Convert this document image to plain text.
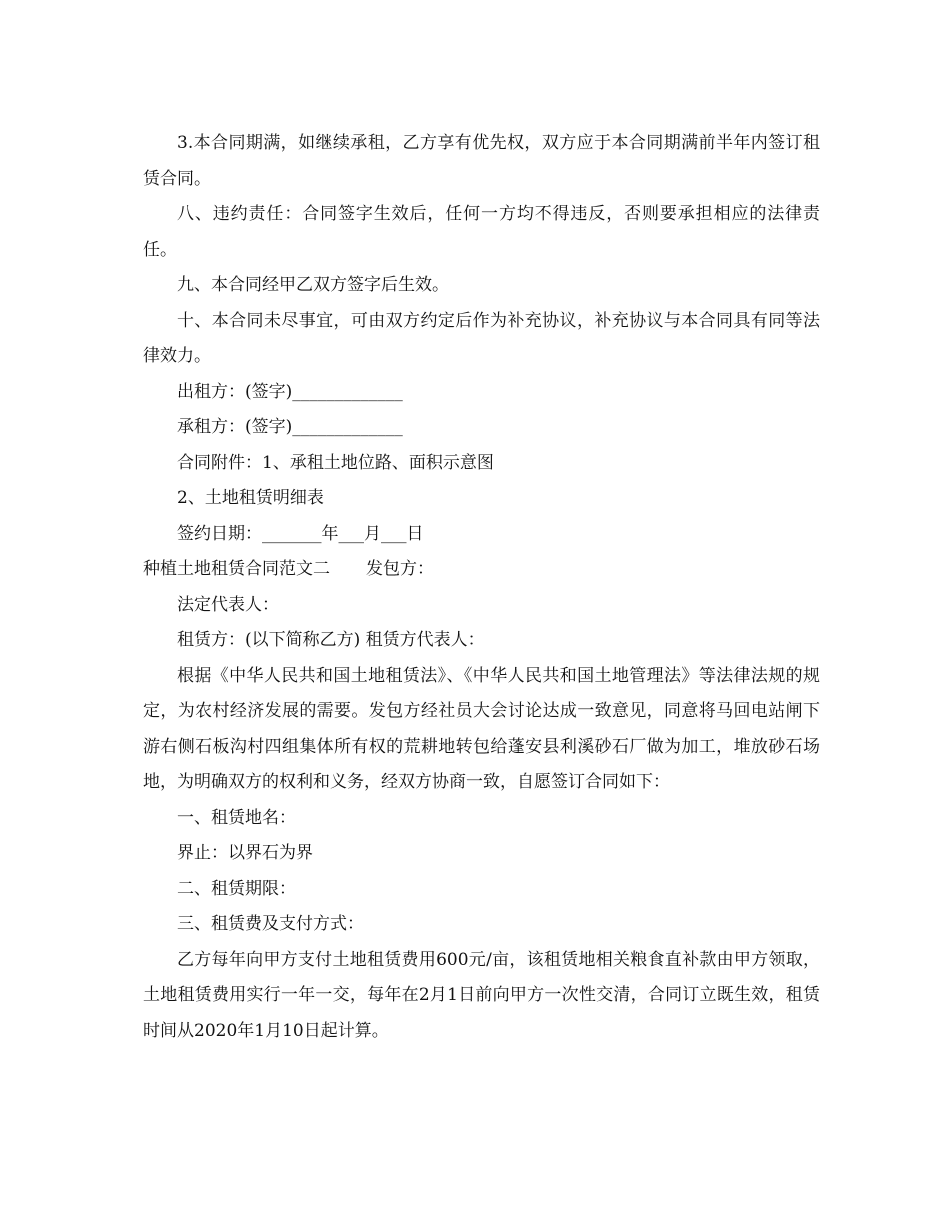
3.本合同期满，如继续承租，乙方享有优先权，双方应于本合同期满前半年内签订租赁合同。

八、违约责任：合同签字生效后，任何一方均不得违反，否则要承担相应的法律责任。

九、本合同经甲乙双方签字后生效。

十、本合同未尽事宜，可由双方约定后作为补充协议，补充协议与本合同具有同等法律效力。

出租方：(签字)_____________

承租方：(签字)_____________

合同附件：1、承租土地位路、面积示意图

2、土地租赁明细表

签约日期：_______年___月___日

种植土地租赁合同范文二 发包方：

法定代表人：

租赁方：(以下简称乙方) 租赁方代表人：

根据《中华人民共和国土地租赁法》、《中华人民共和国土地管理法》等法律法规的规定，为农村经济发展的需要。发包方经社员大会讨论达成一致意见，同意将马回电站闸下游右侧石板沟村四组集体所有权的荒耕地转包给蓬安县利溪砂石厂做为加工，堆放砂石场地，为明确双方的权利和义务，经双方协商一致，自愿签订合同如下：

一、租赁地名：

界止：以界石为界

二、租赁期限：

三、租赁费及支付方式：

乙方每年向甲方支付土地租赁费用600元/亩，该租赁地相关粮食直补款由甲方领取，土地租赁费用实行一年一交，每年在2月1日前向甲方一次性交清，合同订立既生效，租赁时间从2020年1月10日起计算。
